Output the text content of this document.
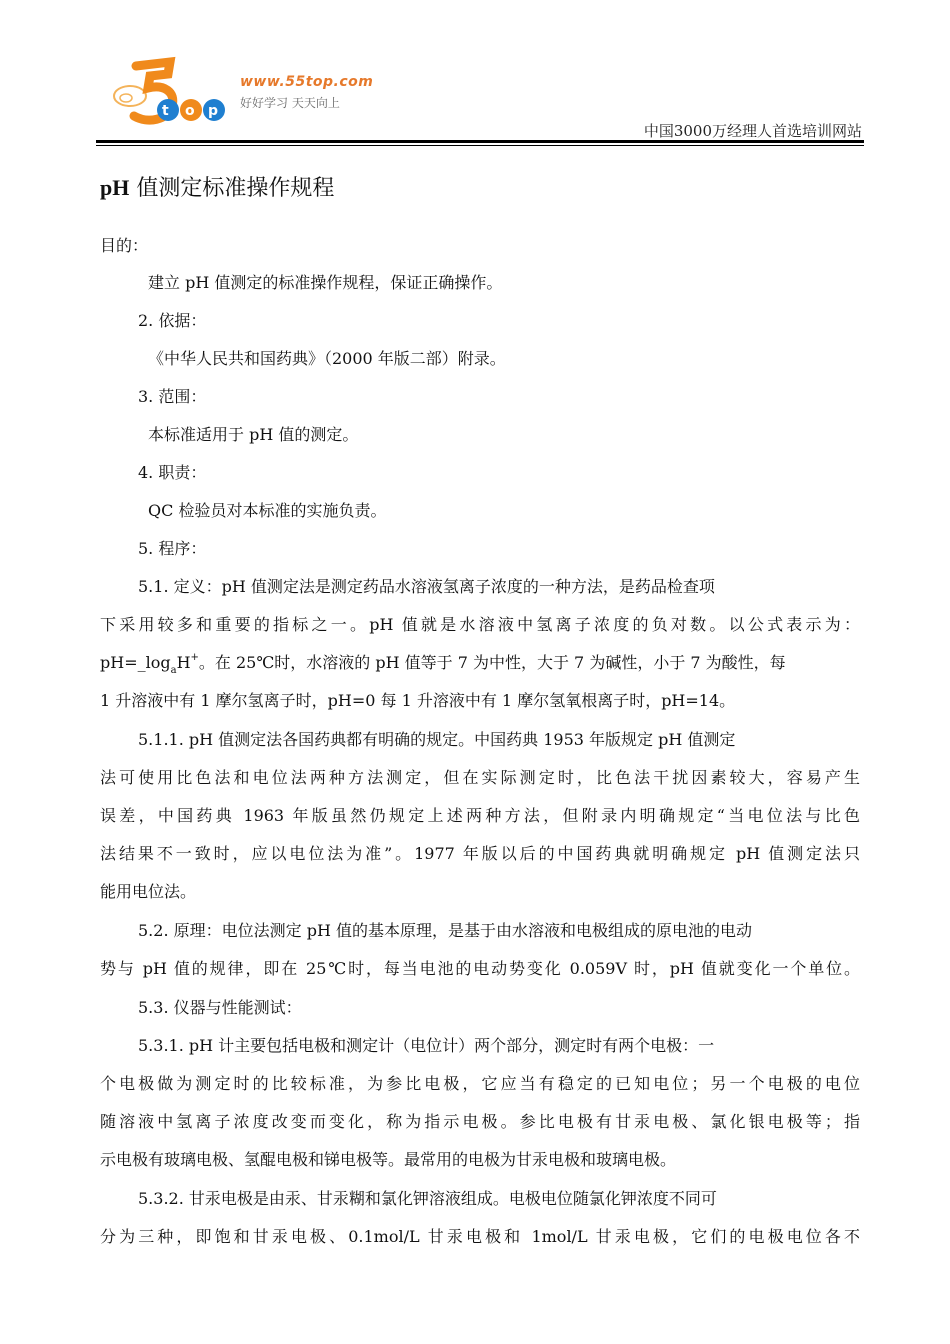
t o p
www.55top.com
好好学习 天天向上
中国3000万经理人首选培训网站
pH 值测定标准操作规程
目的：
建立 pH 值测定的标准操作规程，保证正确操作。
2. 依据：
《中华人民共和国药典》（2000 年版二部）附录。
3. 范围：
本标准适用于 pH 值的测定。
4. 职责：
QC 检验员对本标准的实施负责。
5. 程序：
5.1. 定义：pH 值测定法是测定药品水溶液氢离子浓度的一种方法，是药品检查项
下采用较多和重要的指标之一。pH 值就是水溶液中氢离子浓度的负对数。以公式表示为：
$pH=\_\log_aH^+$。在 25℃时，水溶液的 pH 值等于 7 为中性，大于 7 为碱性，小于 7 为酸性，每
1 升溶液中有 1 摩尔氢离子时，pH=0 每 1 升溶液中有 1 摩尔氢氧根离子时，pH=14。
5.1.1. pH 值测定法各国药典都有明确的规定。中国药典 1953 年版规定 pH 值测定
法可使用比色法和电位法两种方法测定，但在实际测定时，比色法干扰因素较大，容易产生
误差，中国药典 1963 年版虽然仍规定上述两种方法，但附录内明确规定“当电位法与比色
法结果不一致时，应以电位法为准”。1977 年版以后的中国药典就明确规定 pH 值测定法只
能用电位法。
5.2. 原理：电位法测定 pH 值的基本原理，是基于由水溶液和电极组成的原电池的电动
势与 pH 值的规律，即在 25℃时，每当电池的电动势变化 0.059V 时，pH 值就变化一个单位。
5.3. 仪器与性能测试：
5.3.1. pH 计主要包括电极和测定计（电位计）两个部分，测定时有两个电极：一
个电极做为测定时的比较标准，为参比电极，它应当有稳定的已知电位；另一个电极的电位
随溶液中氢离子浓度改变而变化，称为指示电极。参比电极有甘汞电极、氯化银电极等；指
示电极有玻璃电极、氢醌电极和锑电极等。最常用的电极为甘汞电极和玻璃电极。
5.3.2. 甘汞电极是由汞、甘汞糊和氯化钾溶液组成。电极电位随氯化钾浓度不同可
分为三种，即饱和甘汞电极、0.1mol/L 甘汞电极和 1mol/L 甘汞电极，它们的电极电位各不
